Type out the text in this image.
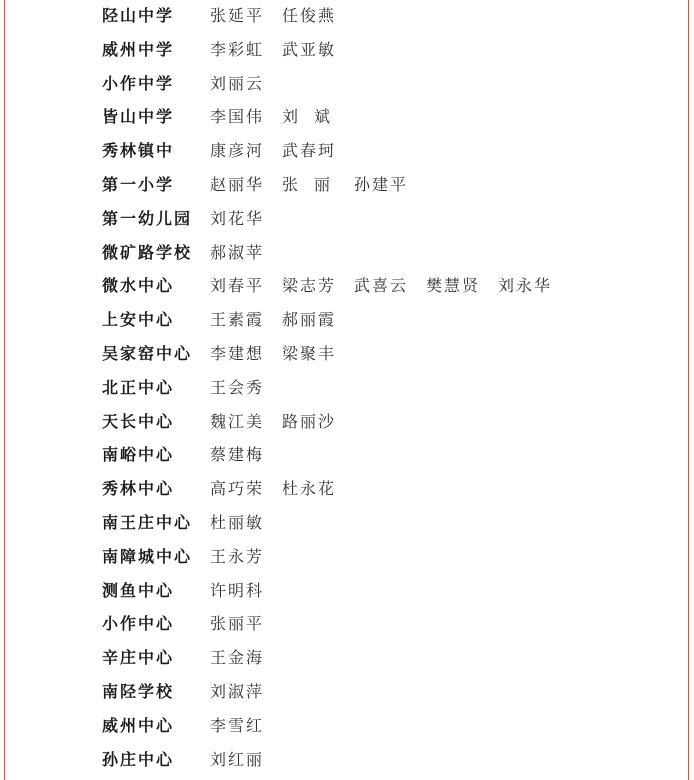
陉山中学 张延平	任俊燕
威州中学 李彩虹	武亚敏
小作中学 刘丽云
皆山中学 李国伟	刘　斌
秀林镇中 康彦河	武春珂
第一小学 赵丽华	张　丽	孙建平
第一幼儿园 刘花华
微矿路学校 郝淑苹
微水中心 刘春平	梁志芳	武喜云	樊慧贤	刘永华
上安中心 王素霞	郝丽霞
吴家窑中心 李建想	梁聚丰
北正中心 王会秀
天长中心 魏江美	路丽沙
南峪中心 蔡建梅
秀林中心 高巧荣	杜永花
南王庄中心 杜丽敏
南障城中心 王永芳
测鱼中心 许明科
小作中心 张丽平
辛庄中心 王金海
南陉学校 刘淑萍
威州中心 李雪红
孙庄中心 刘红丽
